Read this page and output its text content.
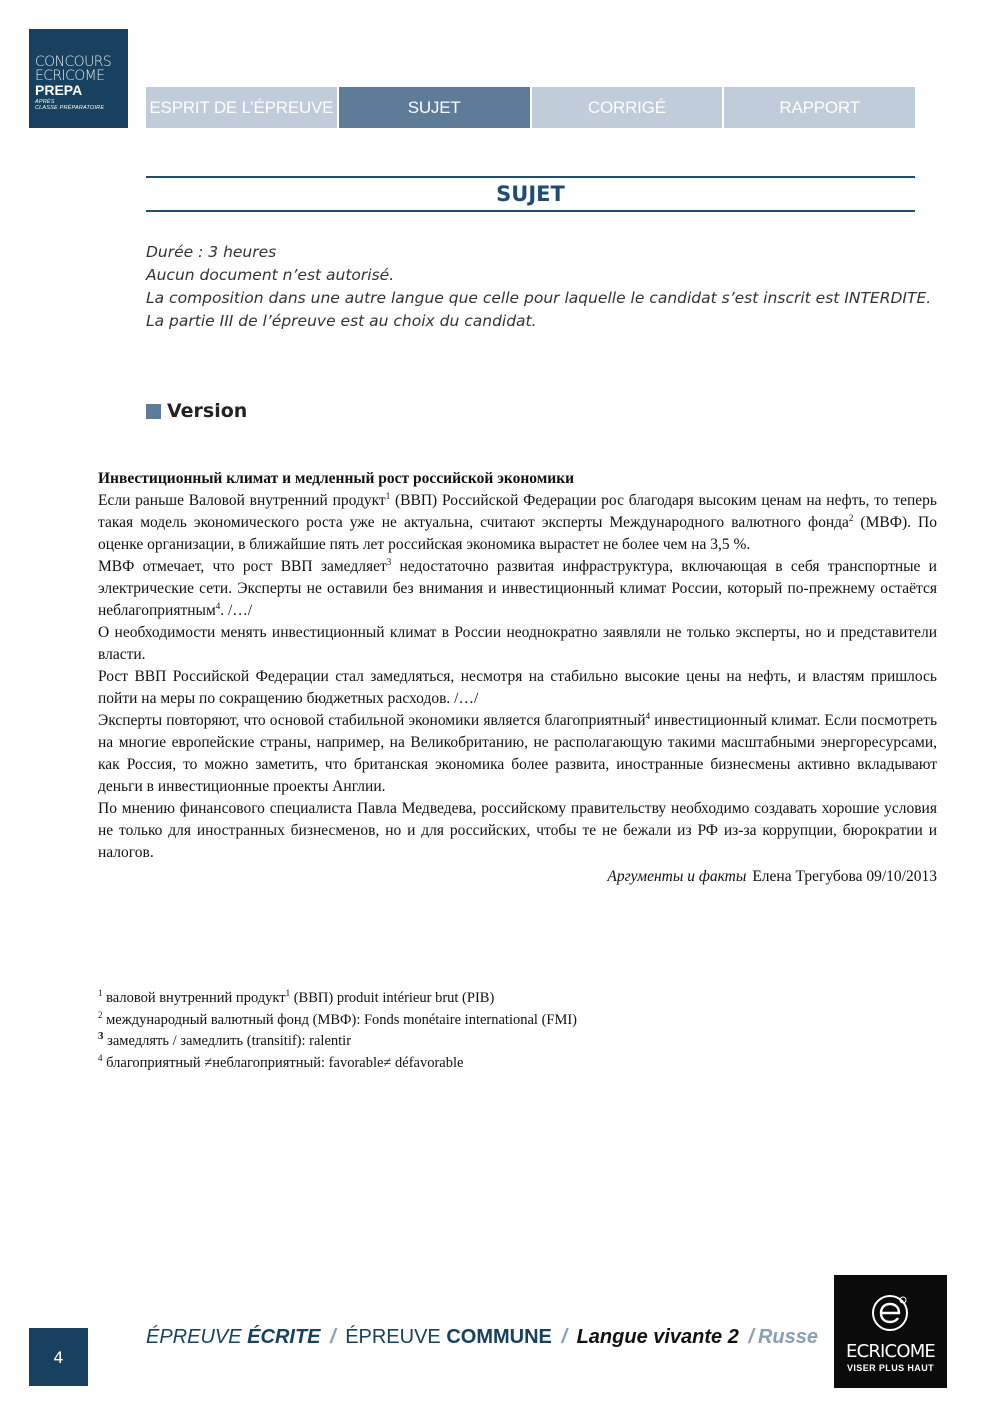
CONCOURS
ECRICOME
PREPA
APRÈS
CLASSE PRÉPARATOIRE	ESPRIT DE L’ÉPREUVE	SUJET	CORRIGÉ	RAPPORT
SUJET
Durée : 3 heures
Aucun document n’est autorisé.
La composition dans une autre langue que celle pour laquelle le candidat s’est inscrit est INTERDITE.
La partie III de l’épreuve est au choix du candidat.
Version

Инвестиционный климат и медленный рост российской экономики

Если раньше Валовой внутренний продукт$^1$ (ВВП) Российской Федерации рос благодаря высоким ценам на нефть, то теперь такая модель экономического роста уже не актуальна, считают эксперты Международного валютного фонда$^2$ (МВФ). По оценке организации, в ближайшие пять лет российская экономика вырастет не более чем на 3,5 %.

МВФ отмечает, что рост ВВП замедляет$^3$ недостаточно развитая инфраструктура, включающая в себя транспортные и электрические сети. Эксперты не оставили без внимания и инвестиционный климат России, который по-прежнему остаётся неблагоприятным$^4$. /…/

О необходимости менять инвестиционный климат в России неоднократно заявляли не только эксперты, но и представители власти.

Рост ВВП Российской Федерации стал замедляться, несмотря на стабильно высокие цены на нефть, и властям пришлось пойти на меры по сокращению бюджетных расходов. /…/

Эксперты повторяют, что основой стабильной экономики является благоприятный$^4$ инвестиционный климат. Если посмотреть на многие европейские страны, например, на Великобританию, не располагающую такими масштабными энергоресурсами, как Россия, то можно заметить, что британская экономика более развита, иностранные бизнесмены активно вкладывают деньги в инвестиционные проекты Англии.

По мнению финансового специалиста Павла Медведева, российскому правительству необходимо создавать хорошие условия не только для иностранных бизнесменов, но и для российских, чтобы те не бежали из РФ из-за коррупции, бюрократии и налогов.

Аргументы и факты Елена Трегубова 09/10/2013

$^1$ валовой внутренний продукт$^1$ (ВВП) produit intérieur brut (PIB)
$^2$ международный валютный фонд (МВФ): Fonds monétaire international (FMI)
$^3$ замедлять / замедлить (transitif): ralentir
$^4$ благоприятный ≠неблагоприятный: favorable≠ défavorable
4
ÉPREUVE ÉCRITE / ÉPREUVE COMMUNE / Langue vivante 2 / Russe
ECRICOME
VISER PLUS HAUT
